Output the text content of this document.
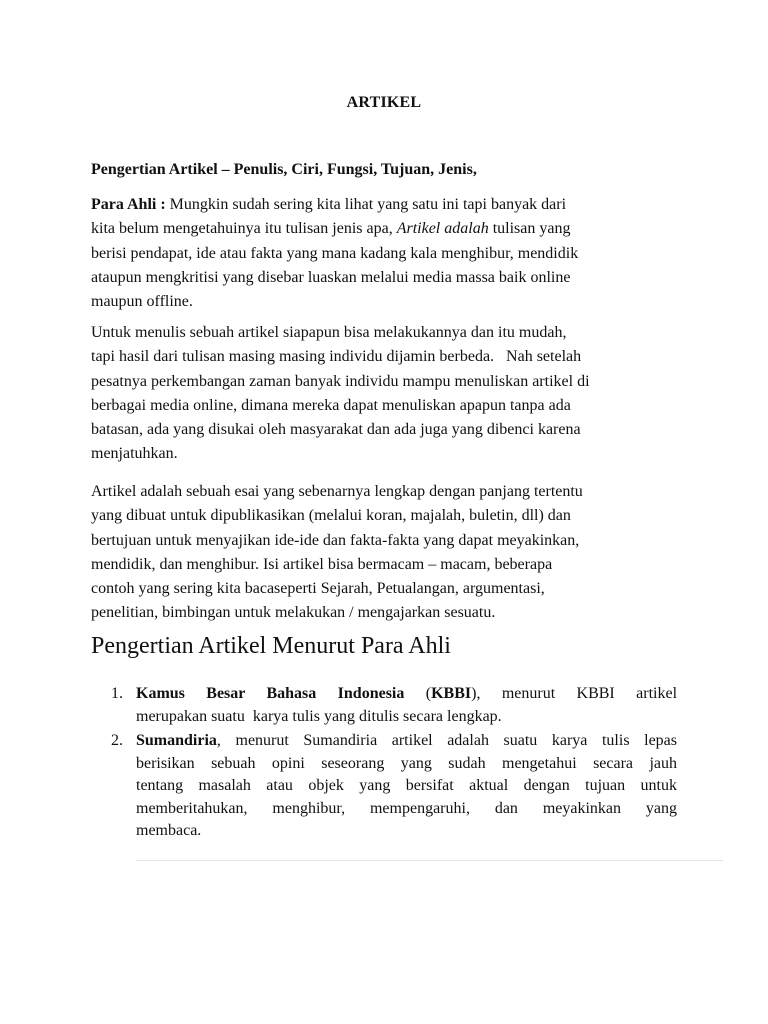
ARTIKEL
Pengertian Artikel – Penulis, Ciri, Fungsi, Tujuan, Jenis,
Para Ahli : Mungkin sudah sering kita lihat yang satu ini tapi banyak dari
kita belum mengetahuinya itu tulisan jenis apa, Artikel adalah tulisan yang
berisi pendapat, ide atau fakta yang mana kadang kala menghibur, mendidik
ataupun mengkritisi yang disebar luaskan melalui media massa baik online
maupun offline.
Untuk menulis sebuah artikel siapapun bisa melakukannya dan itu mudah,
tapi hasil dari tulisan masing masing individu dijamin berbeda.   Nah setelah
pesatnya perkembangan zaman banyak individu mampu menuliskan artikel di
berbagai media online, dimana mereka dapat menuliskan apapun tanpa ada
batasan, ada yang disukai oleh masyarakat dan ada juga yang dibenci karena
menjatuhkan.
Artikel adalah sebuah esai yang sebenarnya lengkap dengan panjang tertentu
yang dibuat untuk dipublikasikan (melalui koran, majalah, buletin, dll) dan
bertujuan untuk menyajikan ide-ide dan fakta-fakta yang dapat meyakinkan,
mendidik, dan menghibur. Isi artikel bisa bermacam – macam, beberapa
contoh yang sering kita bacaseperti Sejarah, Petualangan, argumentasi,
penelitian, bimbingan untuk melakukan / mengajarkan sesuatu.
Pengertian Artikel Menurut Para Ahli
1. Kamus Besar Bahasa Indonesia (KBBI), menurut KBBI artikel
merupakan suatu  karya tulis yang ditulis secara lengkap.
2. Sumandiria, menurut Sumandiria artikel adalah suatu karya tulis lepas
berisikan sebuah opini seseorang yang sudah mengetahui secara jauh
tentang masalah atau objek yang bersifat aktual dengan tujuan untuk
memberitahukan, menghibur, mempengaruhi, dan meyakinkan yang
membaca.
